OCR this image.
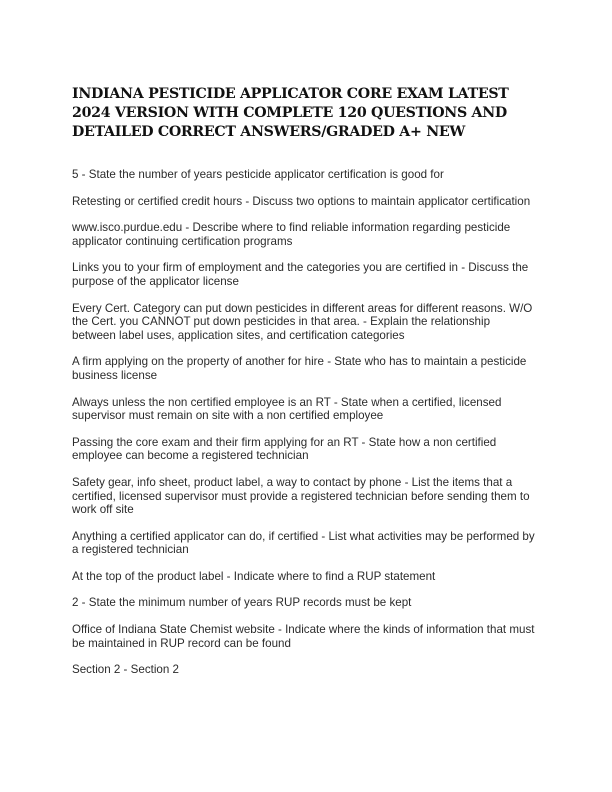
INDIANA PESTICIDE APPLICATOR CORE EXAM LATEST 2024 VERSION WITH COMPLETE 120 QUESTIONS AND DETAILED CORRECT ANSWERS/GRADED A+ NEW
5 - State the number of years pesticide applicator certification is good for
Retesting or certified credit hours - Discuss two options to maintain applicator certification
www.isco.purdue.edu - Describe where to find reliable information regarding pesticide applicator continuing certification programs
Links you to your firm of employment and the categories you are certified in - Discuss the purpose of the applicator license
Every Cert. Category can put down pesticides in different areas for different reasons. W/O the Cert. you CANNOT put down pesticides in that area. - Explain the relationship between label uses, application sites, and certification categories
A firm applying on the property of another for hire - State who has to maintain a pesticide business license
Always unless the non certified employee is an RT - State when a certified, licensed supervisor must remain on site with a non certified employee
Passing the core exam and their firm applying for an RT - State how a non certified employee can become a registered technician
Safety gear, info sheet, product label, a way to contact by phone - List the items that a certified, licensed supervisor must provide a registered technician before sending them to work off site
Anything a certified applicator can do, if certified - List what activities may be performed by a registered technician
At the top of the product label - Indicate where to find a RUP statement
2 - State the minimum number of years RUP records must be kept
Office of Indiana State Chemist website - Indicate where the kinds of information that must be maintained in RUP record can be found
Section 2 - Section 2
